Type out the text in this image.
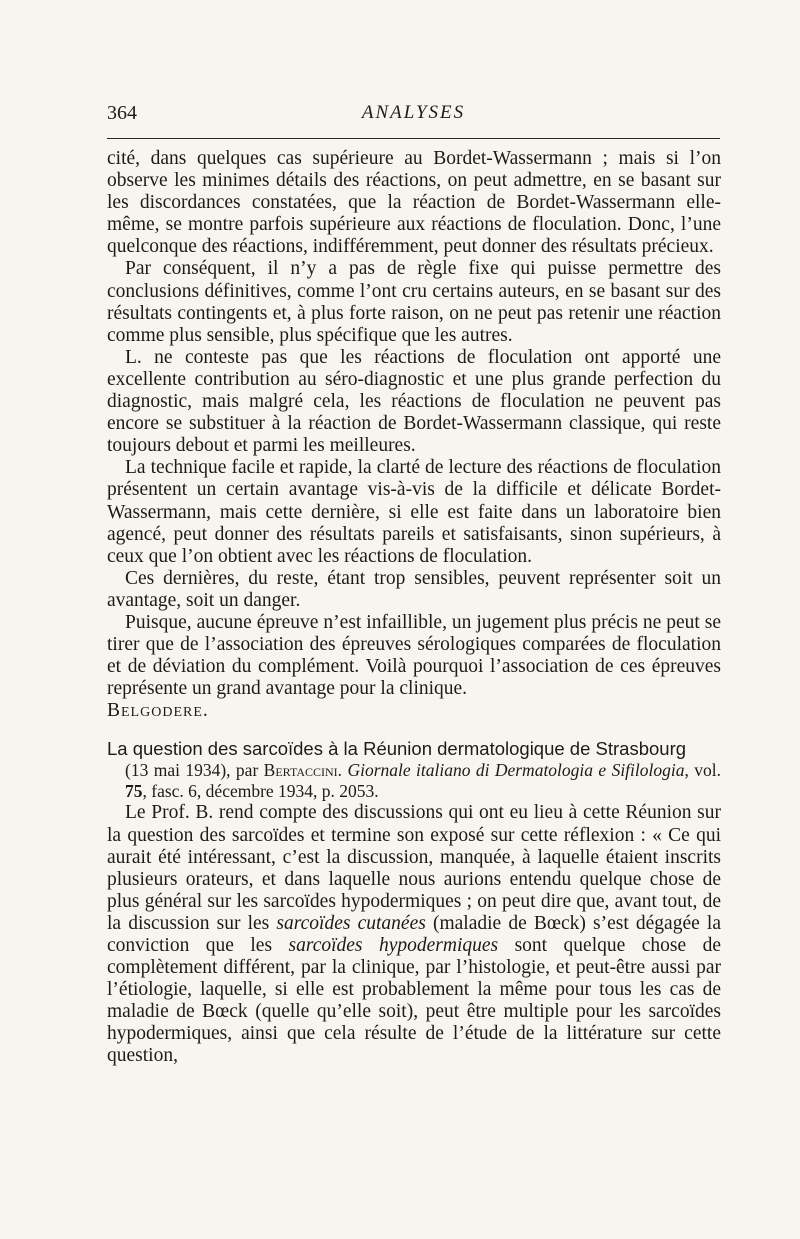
364	ANALYSES

cité, dans quelques cas supérieure au Bordet-Wassermann ; mais si l’on observe les minimes détails des réactions, on peut admettre, en se basant sur les discordances constatées, que la réaction de Bordet-Wassermann elle-même, se montre parfois supérieure aux réactions de floculation. Donc, l’une quelconque des réactions, indifféremment, peut donner des résultats précieux.

Par conséquent, il n’y a pas de règle fixe qui puisse permettre des conclusions définitives, comme l’ont cru certains auteurs, en se basant sur des résultats contingents et, à plus forte raison, on ne peut pas retenir une réaction comme plus sensible, plus spécifique que les autres.

L. ne conteste pas que les réactions de floculation ont apporté une excellente contribution au séro-diagnostic et une plus grande perfection du diagnostic, mais malgré cela, les réactions de floculation ne peuvent pas encore se substituer à la réaction de Bordet-Wassermann classique, qui reste toujours debout et parmi les meilleures.

La technique facile et rapide, la clarté de lecture des réactions de floculation présentent un certain avantage vis-à-vis de la difficile et délicate Bordet-Wassermann, mais cette dernière, si elle est faite dans un laboratoire bien agencé, peut donner des résultats pareils et satisfaisants, sinon supérieurs, à ceux que l’on obtient avec les réactions de floculation.

Ces dernières, du reste, étant trop sensibles, peuvent représenter soit un avantage, soit un danger.

Puisque, aucune épreuve n’est infaillible, un jugement plus précis ne peut se tirer que de l’association des épreuves sérologiques comparées de floculation et de déviation du complément. Voilà pourquoi l’association de ces épreuves représente un grand avantage pour la clinique.

Belgodere.

La question des sarcoïdes à la Réunion dermatologique de Strasbourg

(13 mai 1934), par Bertaccini. Giornale italiano di Dermatologia e Sifilologia, vol. 75, fasc. 6, décembre 1934, p. 2053.

Le Prof. B. rend compte des discussions qui ont eu lieu à cette Réunion sur la question des sarcoïdes et termine son exposé sur cette réflexion : « Ce qui aurait été intéressant, c’est la discussion, manquée, à laquelle étaient inscrits plusieurs orateurs, et dans laquelle nous aurions entendu quelque chose de plus général sur les sarcoïdes hypodermiques ; on peut dire que, avant tout, de la discussion sur les sarcoïdes cutanées (maladie de Bœck) s’est dégagée la conviction que les sarcoïdes hypodermiques sont quelque chose de complètement différent, par la clinique, par l’histologie, et peut-être aussi par l’étiologie, laquelle, si elle est probablement la même pour tous les cas de maladie de Bœck (quelle qu’elle soit), peut être multiple pour les sarcoïdes hypodermiques, ainsi que cela résulte de l’étude de la littérature sur cette question,
